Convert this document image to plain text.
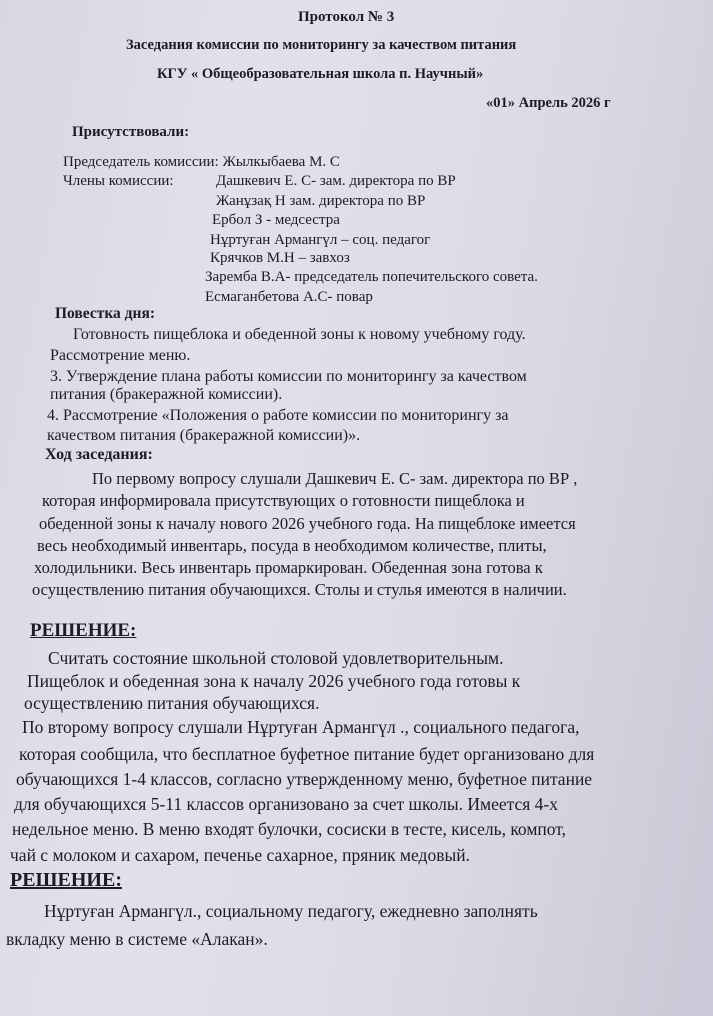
Протокол № 3
Заседания комиссии по мониторингу за качеством питания
КГУ « Общеобразовательная школа п. Научный»
«01» Апрель 2026 г
Присутствовали:
Председатель комиссии: Жылкыбаева М. С
Члены комиссии:	Дашкевич Е. С- зам. директора по ВР
Жанұзақ Н зам. директора по ВР
Ербол З - медсестра
Нұртуған Армангүл – соц. педагог
Крячков М.Н – завхоз
Заремба В.А- председатель попечительского совета.
Есмаганбетова А.С- повар
Повестка дня:
Готовность пищеблока и обеденной зоны к новому учебному году.
Рассмотрение меню.
3. Утверждение плана работы комиссии по мониторингу за качеством
питания (бракеражной комиссии).
4. Рассмотрение «Положения о работе комиссии по мониторингу за
качеством питания (бракеражной комиссии)».
Ход заседания:
По первому вопросу слушали Дашкевич Е. С- зам. директора по ВР ,
которая информировала присутствующих о готовности пищеблока и
обеденной зоны к началу нового 2026 учебного года. На пищеблоке имеется
весь необходимый инвентарь, посуда в необходимом количестве, плиты,
холодильники. Весь инвентарь промаркирован. Обеденная зона готова к
осуществлению питания обучающихся. Столы и стулья имеются в наличии.
РЕШЕНИЕ:
Считать состояние школьной столовой удовлетворительным.
Пищеблок и обеденная зона к началу 2026 учебного года готовы к
осуществлению питания обучающихся.
По второму вопросу слушали Нұртуған Армангүл ., социального педагога,
которая сообщила, что бесплатное буфетное питание будет организовано для
обучающихся 1-4 классов, согласно утвержденному меню, буфетное питание
для обучающихся 5-11 классов организовано за счет школы. Имеется 4-х
недельное меню. В меню входят булочки, сосиски в тесте, кисель, компот,
чай с молоком и сахаром, печенье сахарное, пряник медовый.
РЕШЕНИЕ:
Нұртуған Армангүл., социальному педагогу, ежедневно заполнять
вкладку меню в системе «Алакан».
